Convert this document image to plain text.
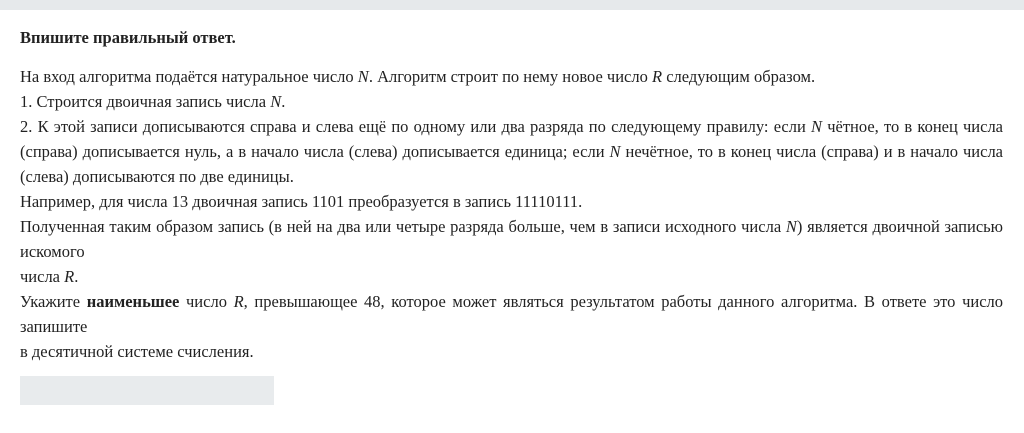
Впишите правильный ответ.

На вход алгоритма подаётся натуральное число N. Алгоритм строит по нему новое число R следующим образом.

1. Строится двоичная запись числа N.

2. К этой записи дописываются справа и слева ещё по одному или два разряда по следующему правилу: если N чётное, то в конец числа (справа) дописывается нуль, а в начало числа (слева) дописывается единица; если N нечётное, то в конец числа (справа) и в начало числа (слева) дописываются по две единицы.

Например, для числа 13 двоичная запись 1101 преобразуется в запись 11110111.

Полученная таким образом запись (в ней на два или четыре разряда больше, чем в записи исходного числа N) является двоичной записью искомого

числа R.

Укажите наименьшее число R, превышающее 48, которое может являться результатом работы данного алгоритма. В ответе это число запишите

в десятичной системе счисления.
